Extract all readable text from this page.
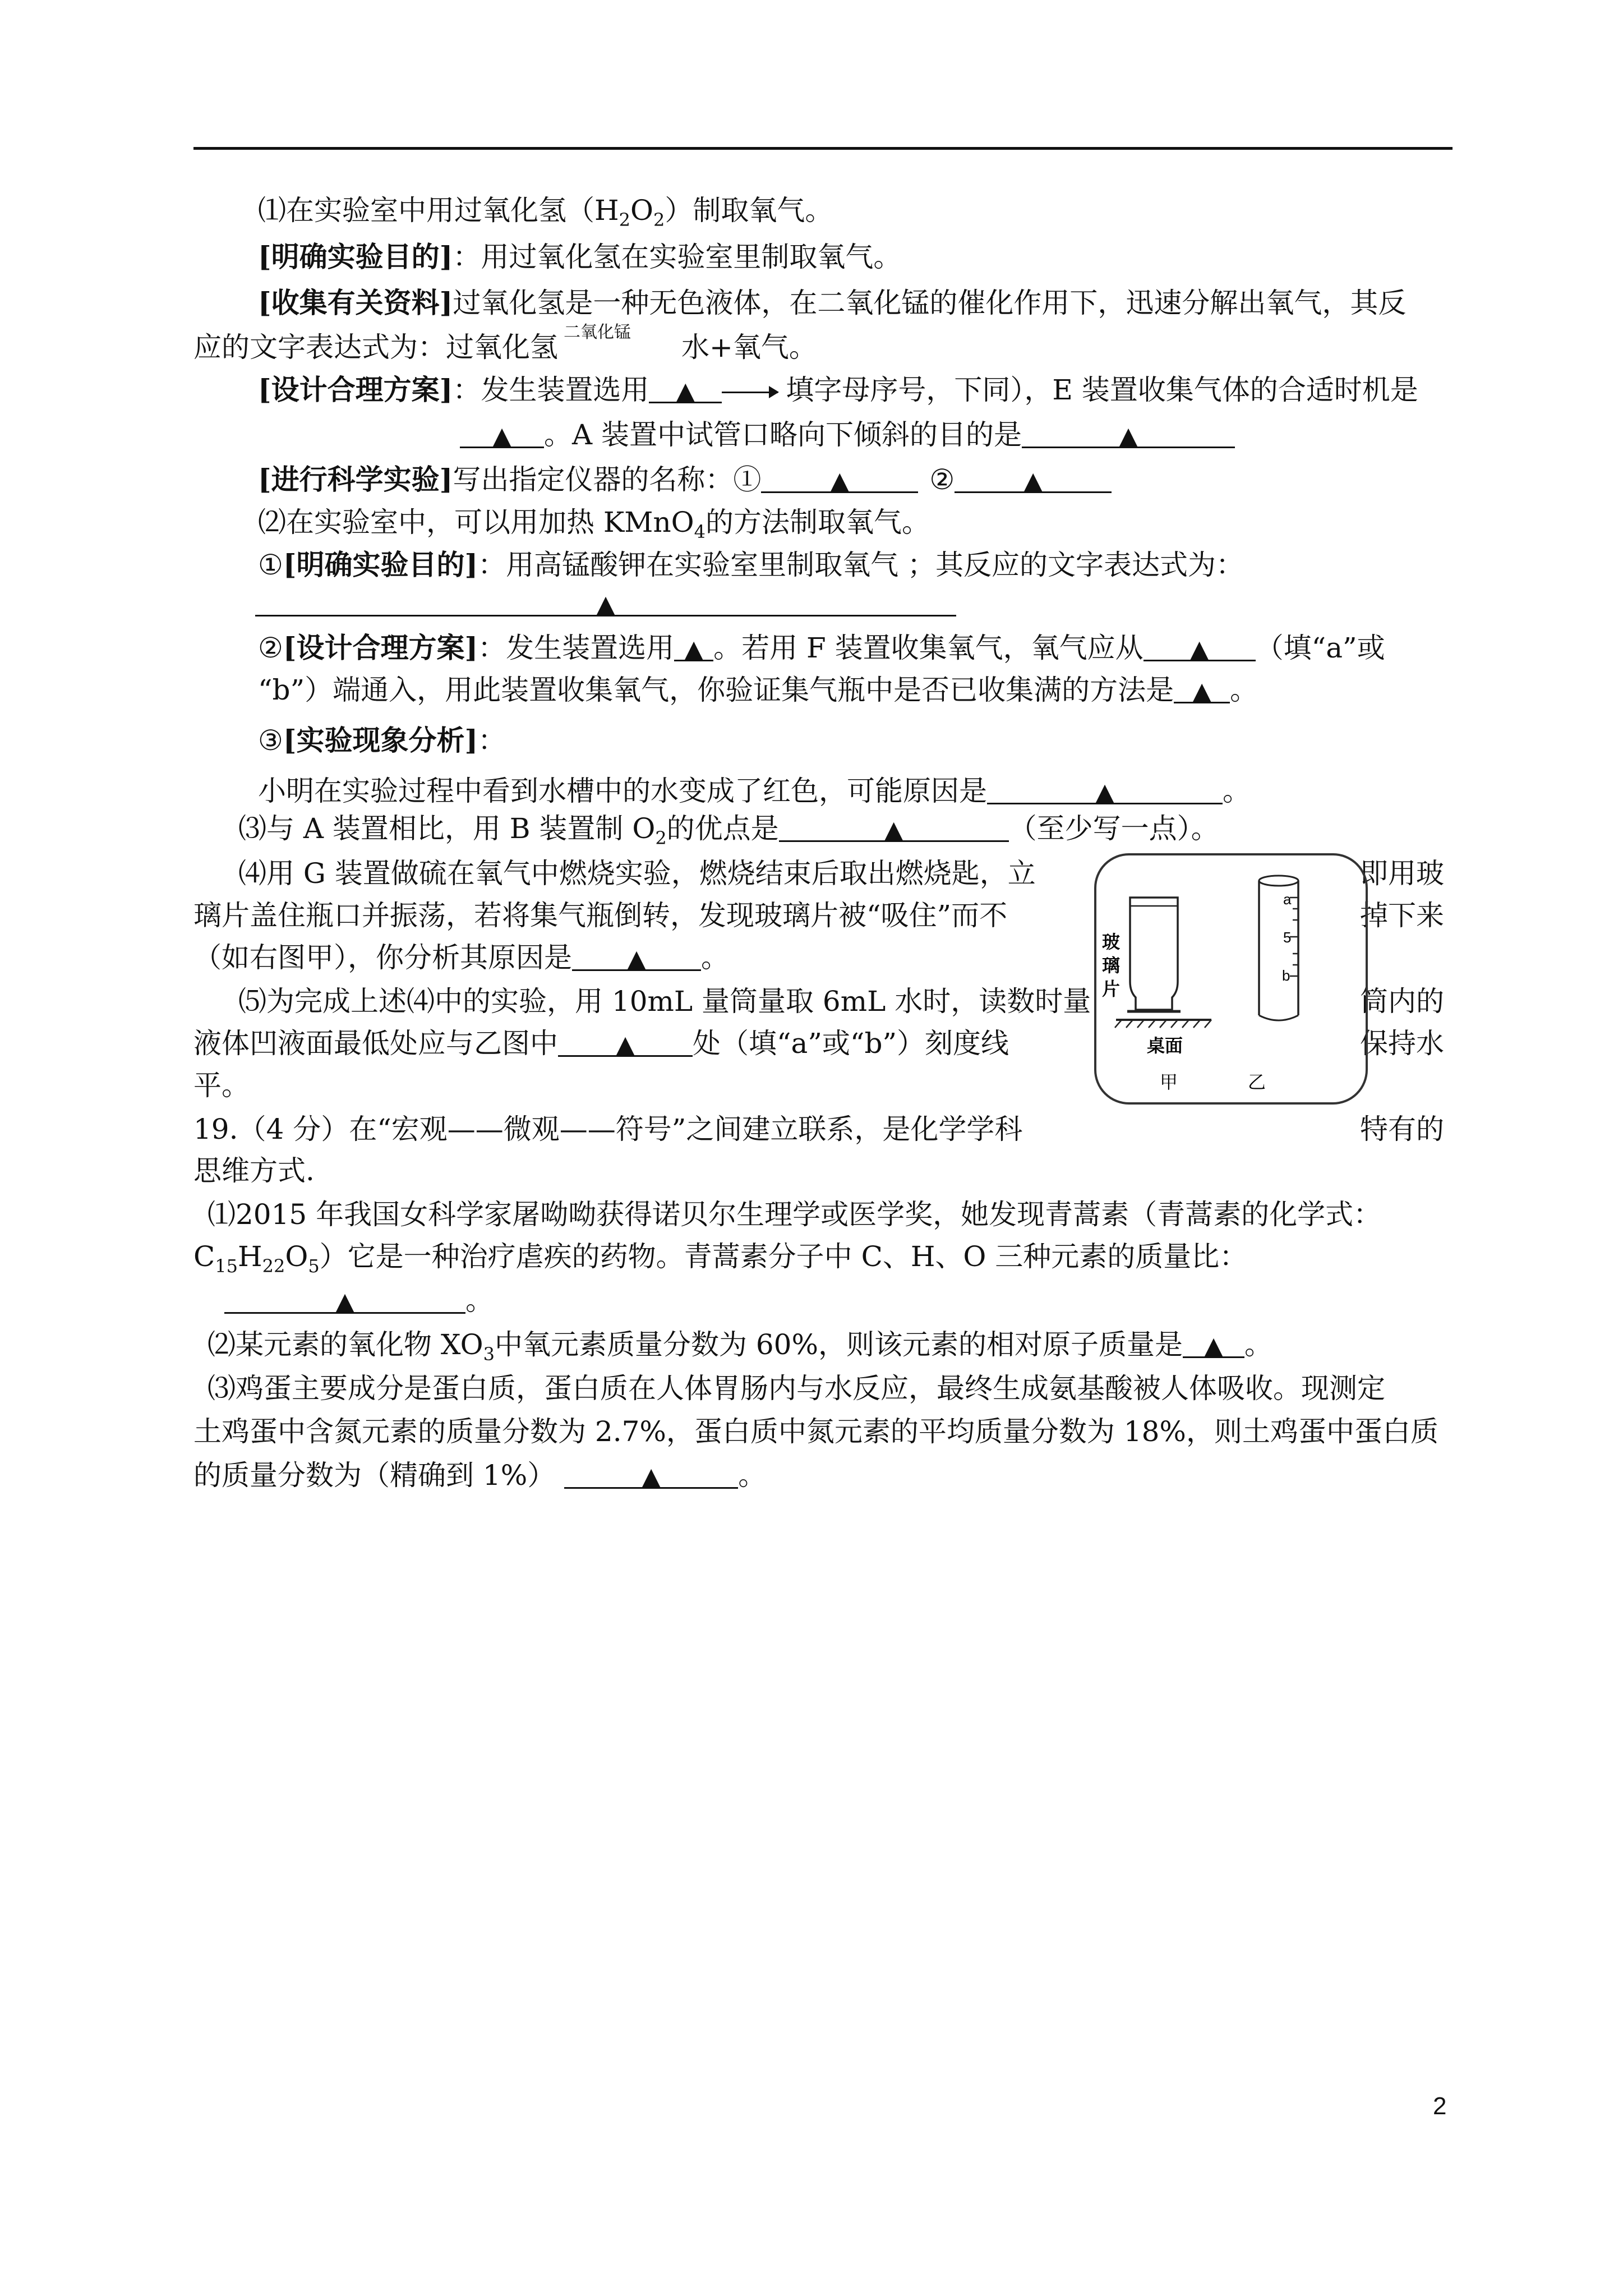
⑴在实验室中用过氧化氢$(H_2O_2)$制取氧气。
[明确实验目的]：用过氧化氢在实验室里制取氧气。
[收集有关资料]过氧化氢是一种无色液体，在二氧化锰的催化作用下，迅速分解出氧气，其反
应的文字表达式为：过氧化氢 二氧化锰 水+氧气。
[设计合理方案]：发生装置选用 ▲	填字母序号，下同），E 装置收集气体的合适时机是
▲ 。A 装置中试管口略向下倾斜的目的是	▲
[进行科学实验]写出指定仪器的名称：①	▲	②	▲
⑵在实验室中，可以用加热 KMnO$_4$的方法制取氧气。
①[明确实验目的]：用高锰酸钾在实验室里制取氧气 ；其反应的文字表达式为：
▲
②[设计合理方案]：发生装置选用 ▲ 。若用 F 装置收集氧气，氧气应从 ▲ （填“a”或
“b”）端通入，用此装置收集氧气，你验证集气瓶中是否已收集满的方法是 ▲ 。
③[实验现象分析]：
小明在实验过程中看到水槽中的水变成了红色，可能原因是	▲	。
⑶与 A 装置相比，用 B 装置制 $O_2$的优点是	▲	（至少写一点）。
⑷用 G 装置做硫在氧气中燃烧实验，燃烧结束后取出燃烧匙，立	即用玻
璃片盖住瓶口并振荡，若将集气瓶倒转，发现玻璃片被“吸住”而不	掉下来
（如右图甲），你分析其原因是 ▲ 。
⑸为完成上述⑷中的实验，用 10mL 量筒量取 6mL 水时，读数时量	筒内的
液体凹液面最低处应与乙图中 ▲ 处（填“a”或“b”）刻度线	保持水
平。
19.（4 分）在“宏观——微观——符号”之间建立联系，是化学学科	特有的
思维方式.
⑴2015 年我国女科学家屠呦呦获得诺贝尔生理学或医学奖，她发现青蒿素（青蒿素的化学式：
$C_{15}H_{22}O_5$）它是一种治疗虐疾的药物。青蒿素分子中 C、H、O 三种元素的质量比：
▲	。
⑵某元素的氧化物 $XO_3$中氧元素质量分数为 60%，则该元素的相对原子质量是 ▲ 。
⑶鸡蛋主要成分是蛋白质，蛋白质在人体胃肠内与水反应，最终生成氨基酸被人体吸收。现测定
土鸡蛋中含氮元素的质量分数为 2.7%，蛋白质中氮元素的平均质量分数为 18%，则土鸡蛋中蛋白质
的质量分数为（精确到 1%）	▲	。
a
5
b
玻
璃
片
桌面
甲	乙
2
